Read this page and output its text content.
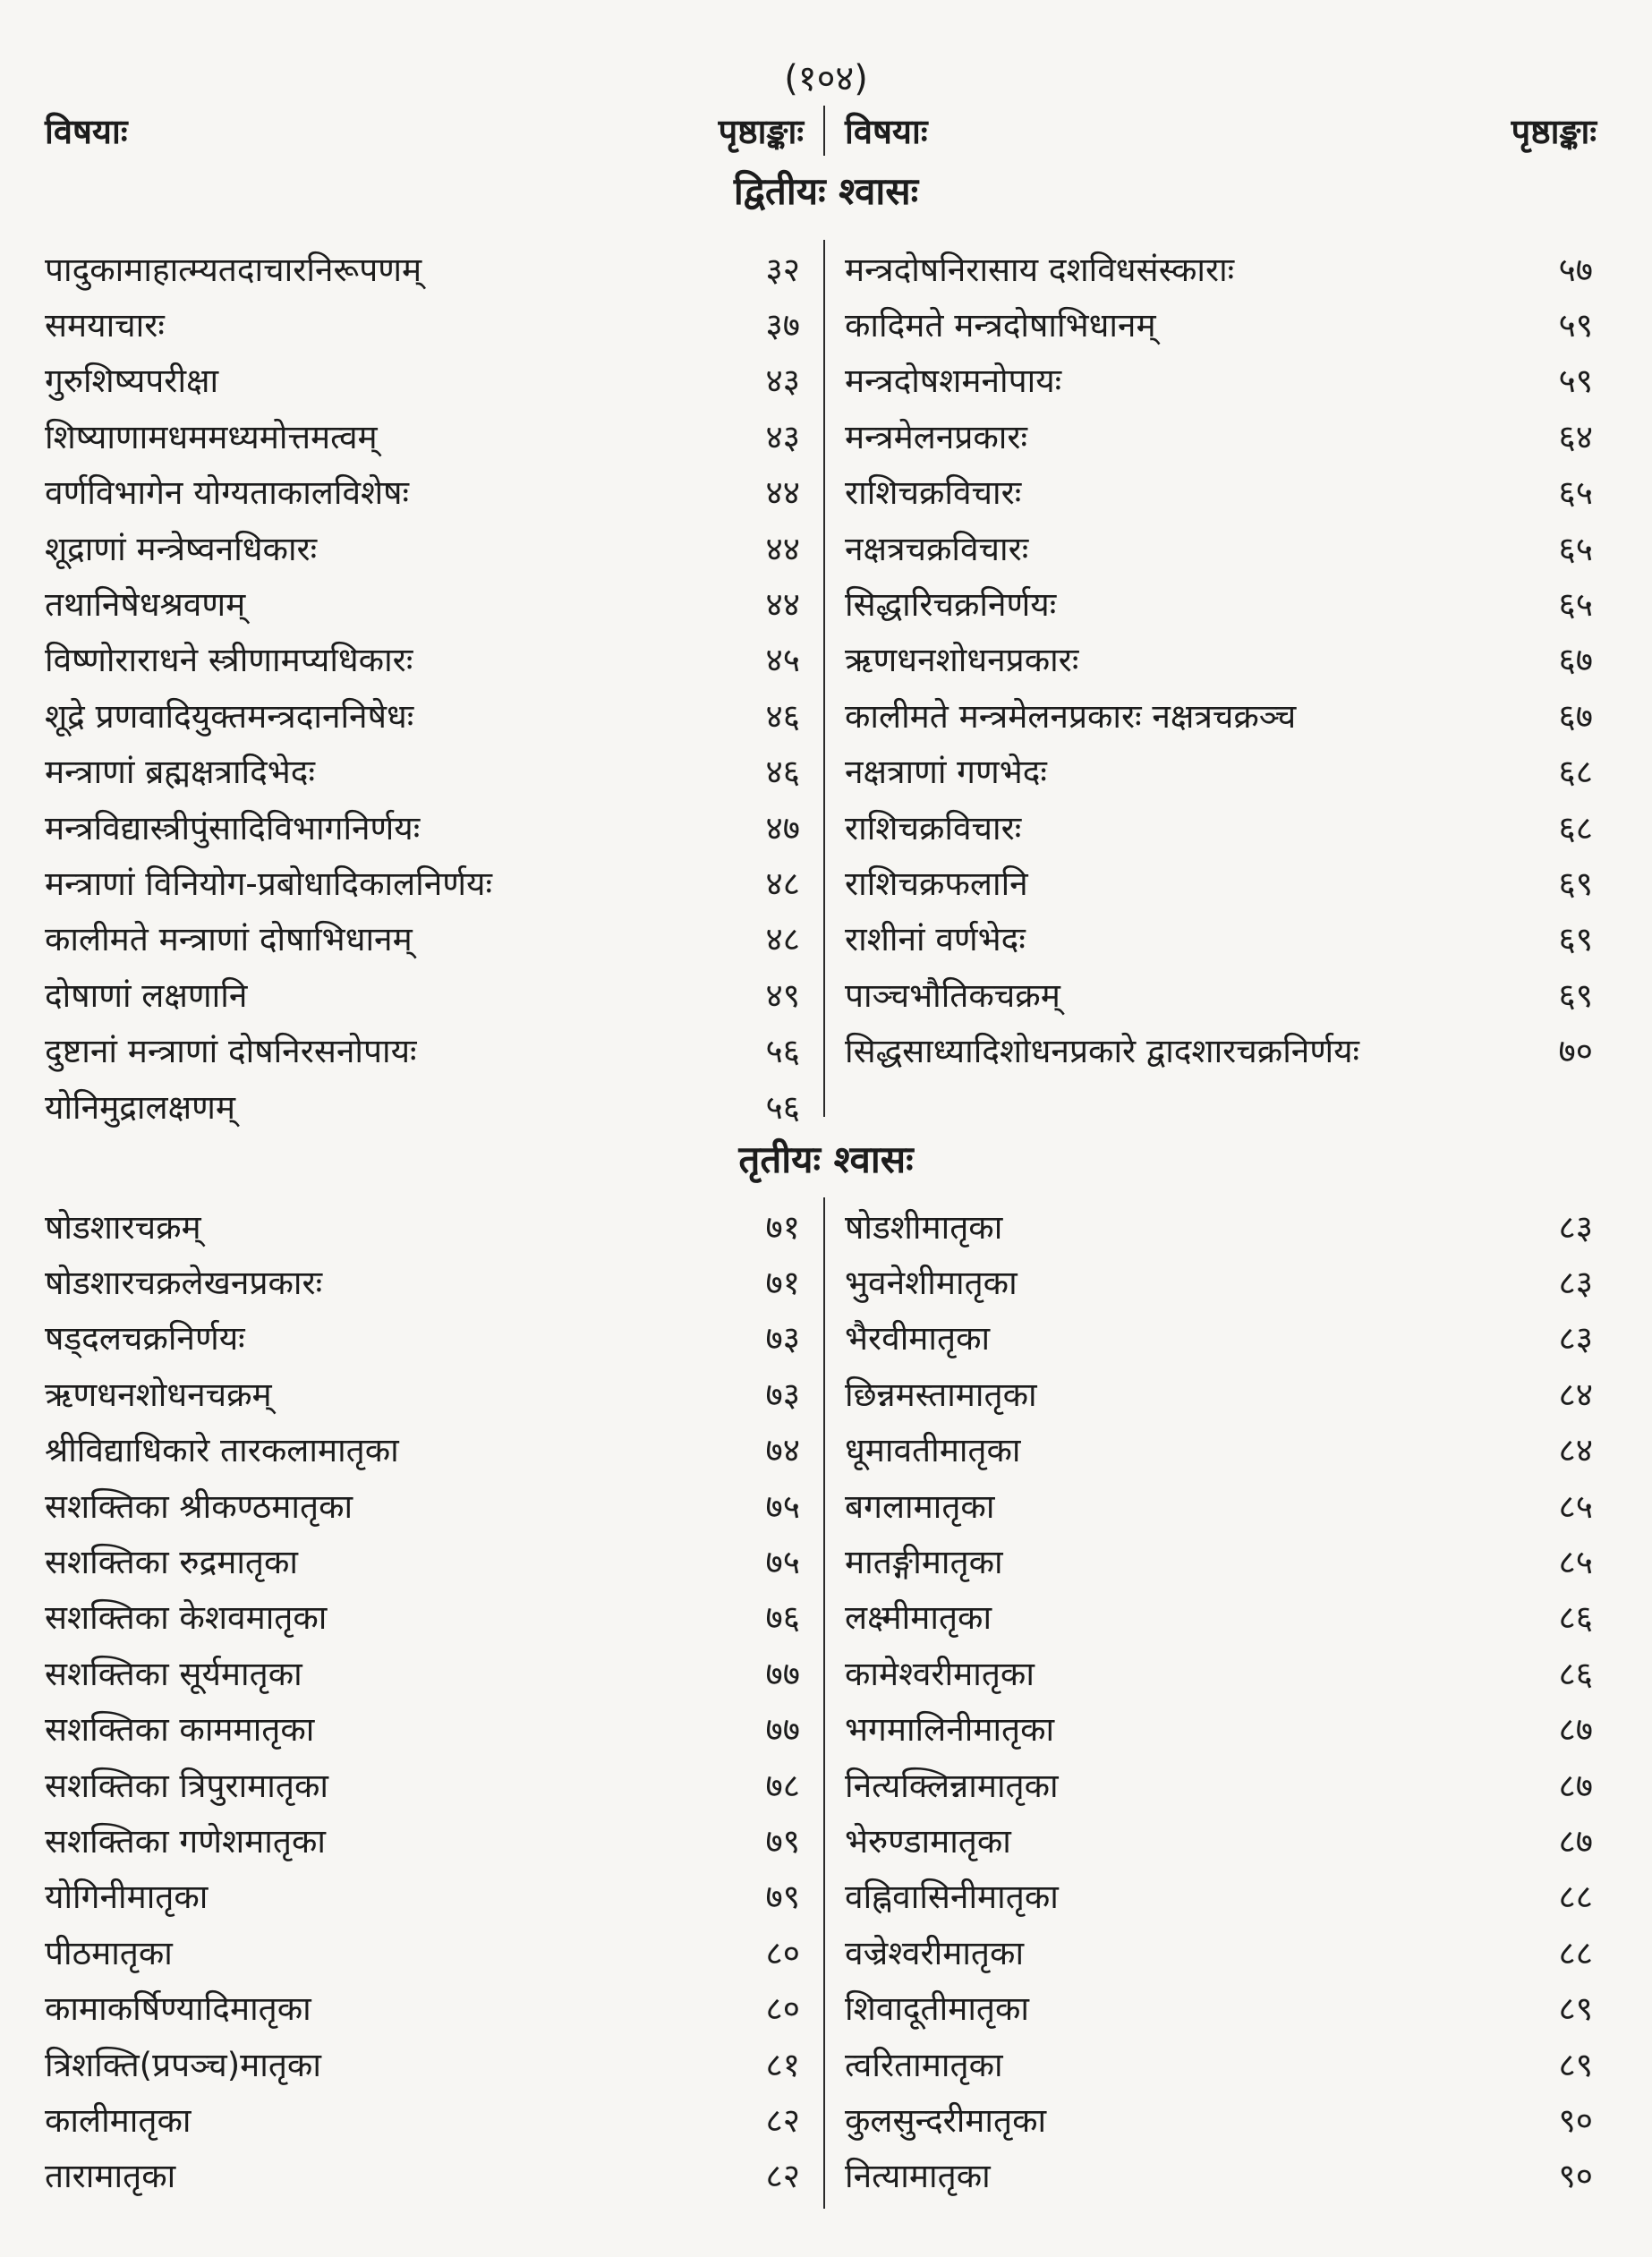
(१०४)
विषयाः	पृष्ठाङ्काः विषयाः	पृष्ठाङ्काः
द्वितीयः श्वासः
पादुकामाहात्म्यतदाचारनिरूपणम्	३२
समयाचारः	३७
गुरुशिष्यपरीक्षा	४३
शिष्याणामधममध्यमोत्तमत्वम्	४३
वर्णविभागेन योग्यताकालविशेषः	४४
शूद्राणां मन्त्रेष्वनधिकारः	४४
तथानिषेधश्रवणम्	४४
विष्णोराराधने स्त्रीणामप्यधिकारः	४५
शूद्रे प्रणवादियुक्तमन्त्रदाननिषेधः	४६
मन्त्राणां ब्रह्मक्षत्रादिभेदः	४६
मन्त्रविद्यास्त्रीपुंसादिविभागनिर्णयः	४७
मन्त्राणां विनियोग-प्रबोधादिकालनिर्णयः	४८
कालीमते मन्त्राणां दोषाभिधानम्	४८
दोषाणां लक्षणानि	४९
दुष्टानां मन्त्राणां दोषनिरसनोपायः	५६
योनिमुद्रालक्षणम्	५६
मन्त्रदोषनिरासाय दशविधसंस्काराः	५७
कादिमते मन्त्रदोषाभिधानम्	५९
मन्त्रदोषशमनोपायः	५९
मन्त्रमेलनप्रकारः	६४
राशिचक्रविचारः	६५
नक्षत्रचक्रविचारः	६५
सिद्धारिचक्रनिर्णयः	६५
ऋणधनशोधनप्रकारः	६७
कालीमते मन्त्रमेलनप्रकारः नक्षत्रचक्रञ्च	६७
नक्षत्राणां गणभेदः	६८
राशिचक्रविचारः	६८
राशिचक्रफलानि	६९
राशीनां वर्णभेदः	६९
पाञ्चभौतिकचक्रम्	६९
सिद्धसाध्यादिशोधनप्रकारे द्वादशारचक्रनिर्णयः	७०
तृतीयः श्वासः
षोडशारचक्रम्	७१
षोडशारचक्रलेखनप्रकारः	७१
षड्दलचक्रनिर्णयः	७३
ऋणधनशोधनचक्रम्	७३
श्रीविद्याधिकारे तारकलामातृका	७४
सशक्तिका श्रीकण्ठमातृका	७५
सशक्तिका रुद्रमातृका	७५
सशक्तिका केशवमातृका	७६
सशक्तिका सूर्यमातृका	७७
सशक्तिका काममातृका	७७
सशक्तिका त्रिपुरामातृका	७८
सशक्तिका गणेशमातृका	७९
योगिनीमातृका	७९
पीठमातृका	८०
कामाकर्षिण्यादिमातृका	८०
त्रिशक्ति(प्रपञ्च)मातृका	८१
कालीमातृका	८२
तारामातृका	८२
षोडशीमातृका	८३
भुवनेशीमातृका	८३
भैरवीमातृका	८३
छिन्नमस्तामातृका	८४
धूमावतीमातृका	८४
बगलामातृका	८५
मातङ्गीमातृका	८५
लक्ष्मीमातृका	८६
कामेश्वरीमातृका	८६
भगमालिनीमातृका	८७
नित्यक्लिन्नामातृका	८७
भेरुण्डामातृका	८७
वह्निवासिनीमातृका	८८
वज्रेश्वरीमातृका	८८
शिवादूतीमातृका	८९
त्वरितामातृका	८९
कुलसुन्दरीमातृका	९०
नित्यामातृका	९०
